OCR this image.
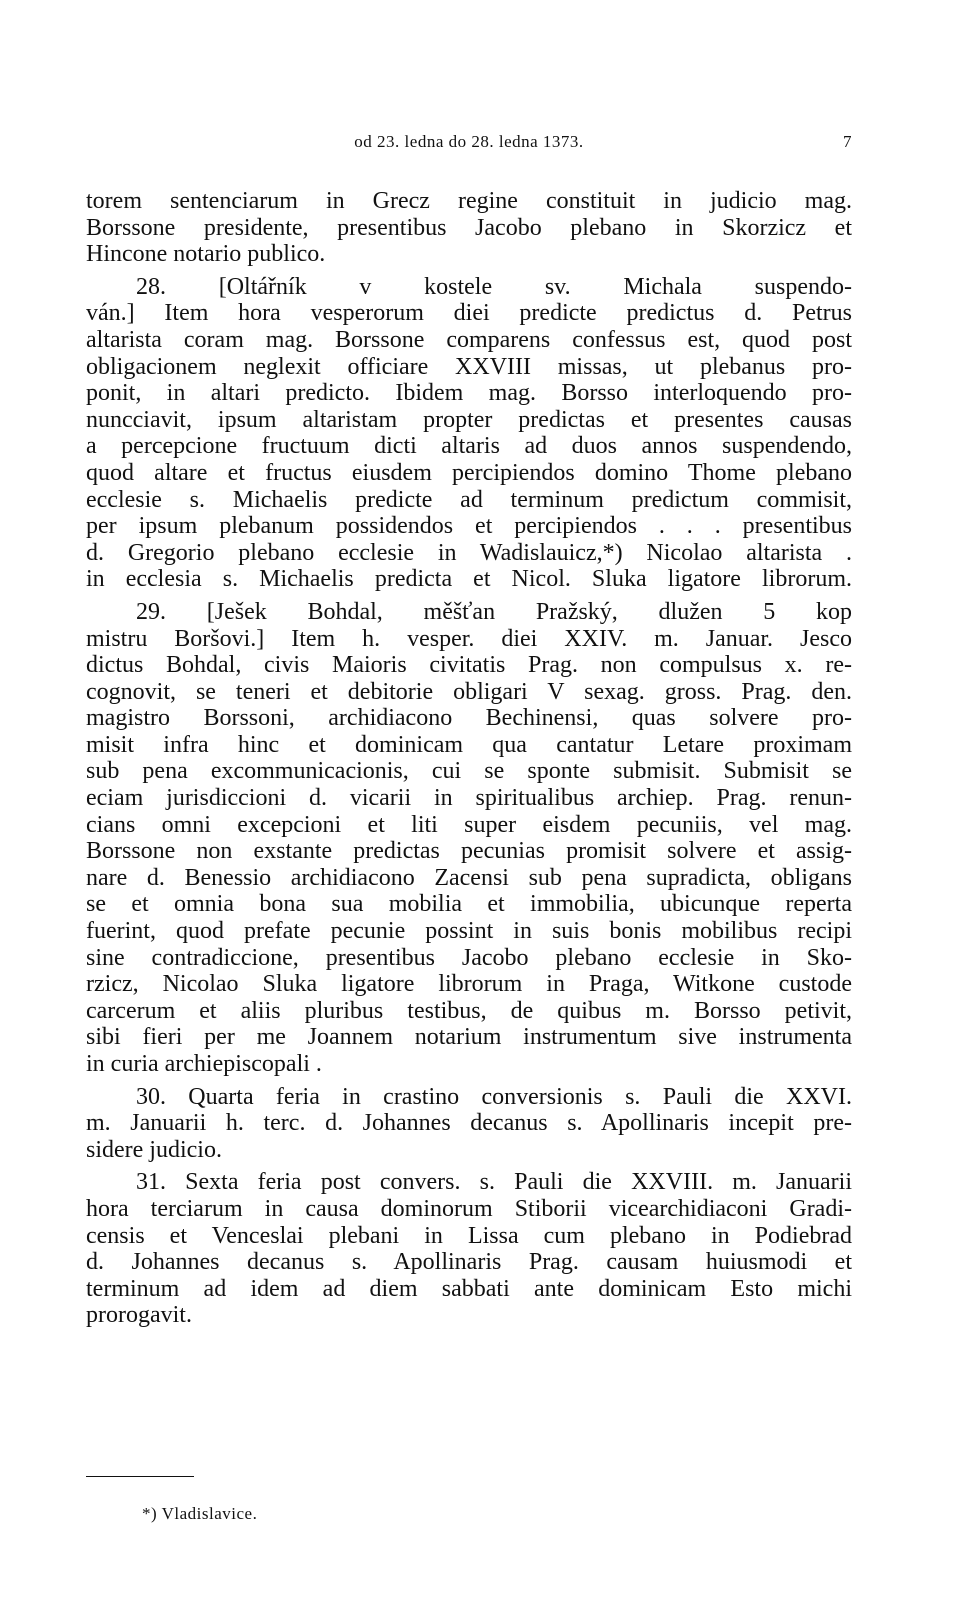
od 23. ledna do 28. ledna 1373.	7
torem sentenciarum in Grecz regine constituit in judicio mag.
Borssone presidente, presentibus Jacobo plebano in Skorzicz et
Hincone notario publico.
28. [Oltářník v kostele sv. Michala suspendo-
ván.] Item hora vesperorum diei predicte predictus d. Petrus
altarista coram mag. Borssone comparens confessus est, quod post
obligacionem neglexit officiare XXVIII missas, ut plebanus pro-
ponit, in altari predicto. Ibidem mag. Borsso interloquendo pro-
nuncciavit, ipsum altaristam propter predictas et presentes causas
a percepcione fructuum dicti altaris ad duos annos suspendendo,
quod altare et fructus eiusdem percipiendos domino Thome plebano
ecclesie s. Michaelis predicte ad terminum predictum commisit,
per ipsum plebanum possidendos et percipiendos . . . presentibus
d. Gregorio plebano ecclesie in Wadislauicz,*) Nicolao altarista .
in ecclesia s. Michaelis predicta et Nicol. Sluka ligatore librorum.
29. [Ješek Bohdal, měšťan Pražský, dlužen 5 kop
mistru Boršovi.] Item h. vesper. diei XXIV. m. Januar. Jesco
dictus Bohdal, civis Maioris civitatis Prag. non compulsus x. re-
cognovit, se teneri et debitorie obligari V sexag. gross. Prag. den.
magistro Borssoni, archidiacono Bechinensi, quas solvere pro-
misit infra hinc et dominicam qua cantatur Letare proximam
sub pena excommunicacionis, cui se sponte submisit. Submisit se
eciam jurisdiccioni d. vicarii in spiritualibus archiep. Prag. renun-
cians omni excepcioni et liti super eisdem pecuniis, vel mag.
Borssone non exstante predictas pecunias promisit solvere et assig-
nare d. Benessio archidiacono Zacensi sub pena supradicta, obligans
se et omnia bona sua mobilia et immobilia, ubicunque reperta
fuerint, quod prefate pecunie possint in suis bonis mobilibus recipi
sine contradiccione, presentibus Jacobo plebano ecclesie in Sko-
rzicz, Nicolao Sluka ligatore librorum in Praga, Witkone custode
carcerum et aliis pluribus testibus, de quibus m. Borsso petivit,
sibi fieri per me Joannem notarium instrumentum sive instrumenta
in curia archiepiscopali .
30. Quarta feria in crastino conversionis s. Pauli die XXVI.
m. Januarii h. terc. d. Johannes decanus s. Apollinaris incepit pre-
sidere judicio.
31. Sexta feria post convers. s. Pauli die XXVIII. m. Januarii
hora terciarum in causa dominorum Stiborii vicearchidiaconi Gradi-
censis et Venceslai plebani in Lissa cum plebano in Podiebrad
d. Johannes decanus s. Apollinaris Prag. causam huiusmodi et
terminum ad idem ad diem sabbati ante dominicam Esto michi
prorogavit.
*) Vladislavice.
